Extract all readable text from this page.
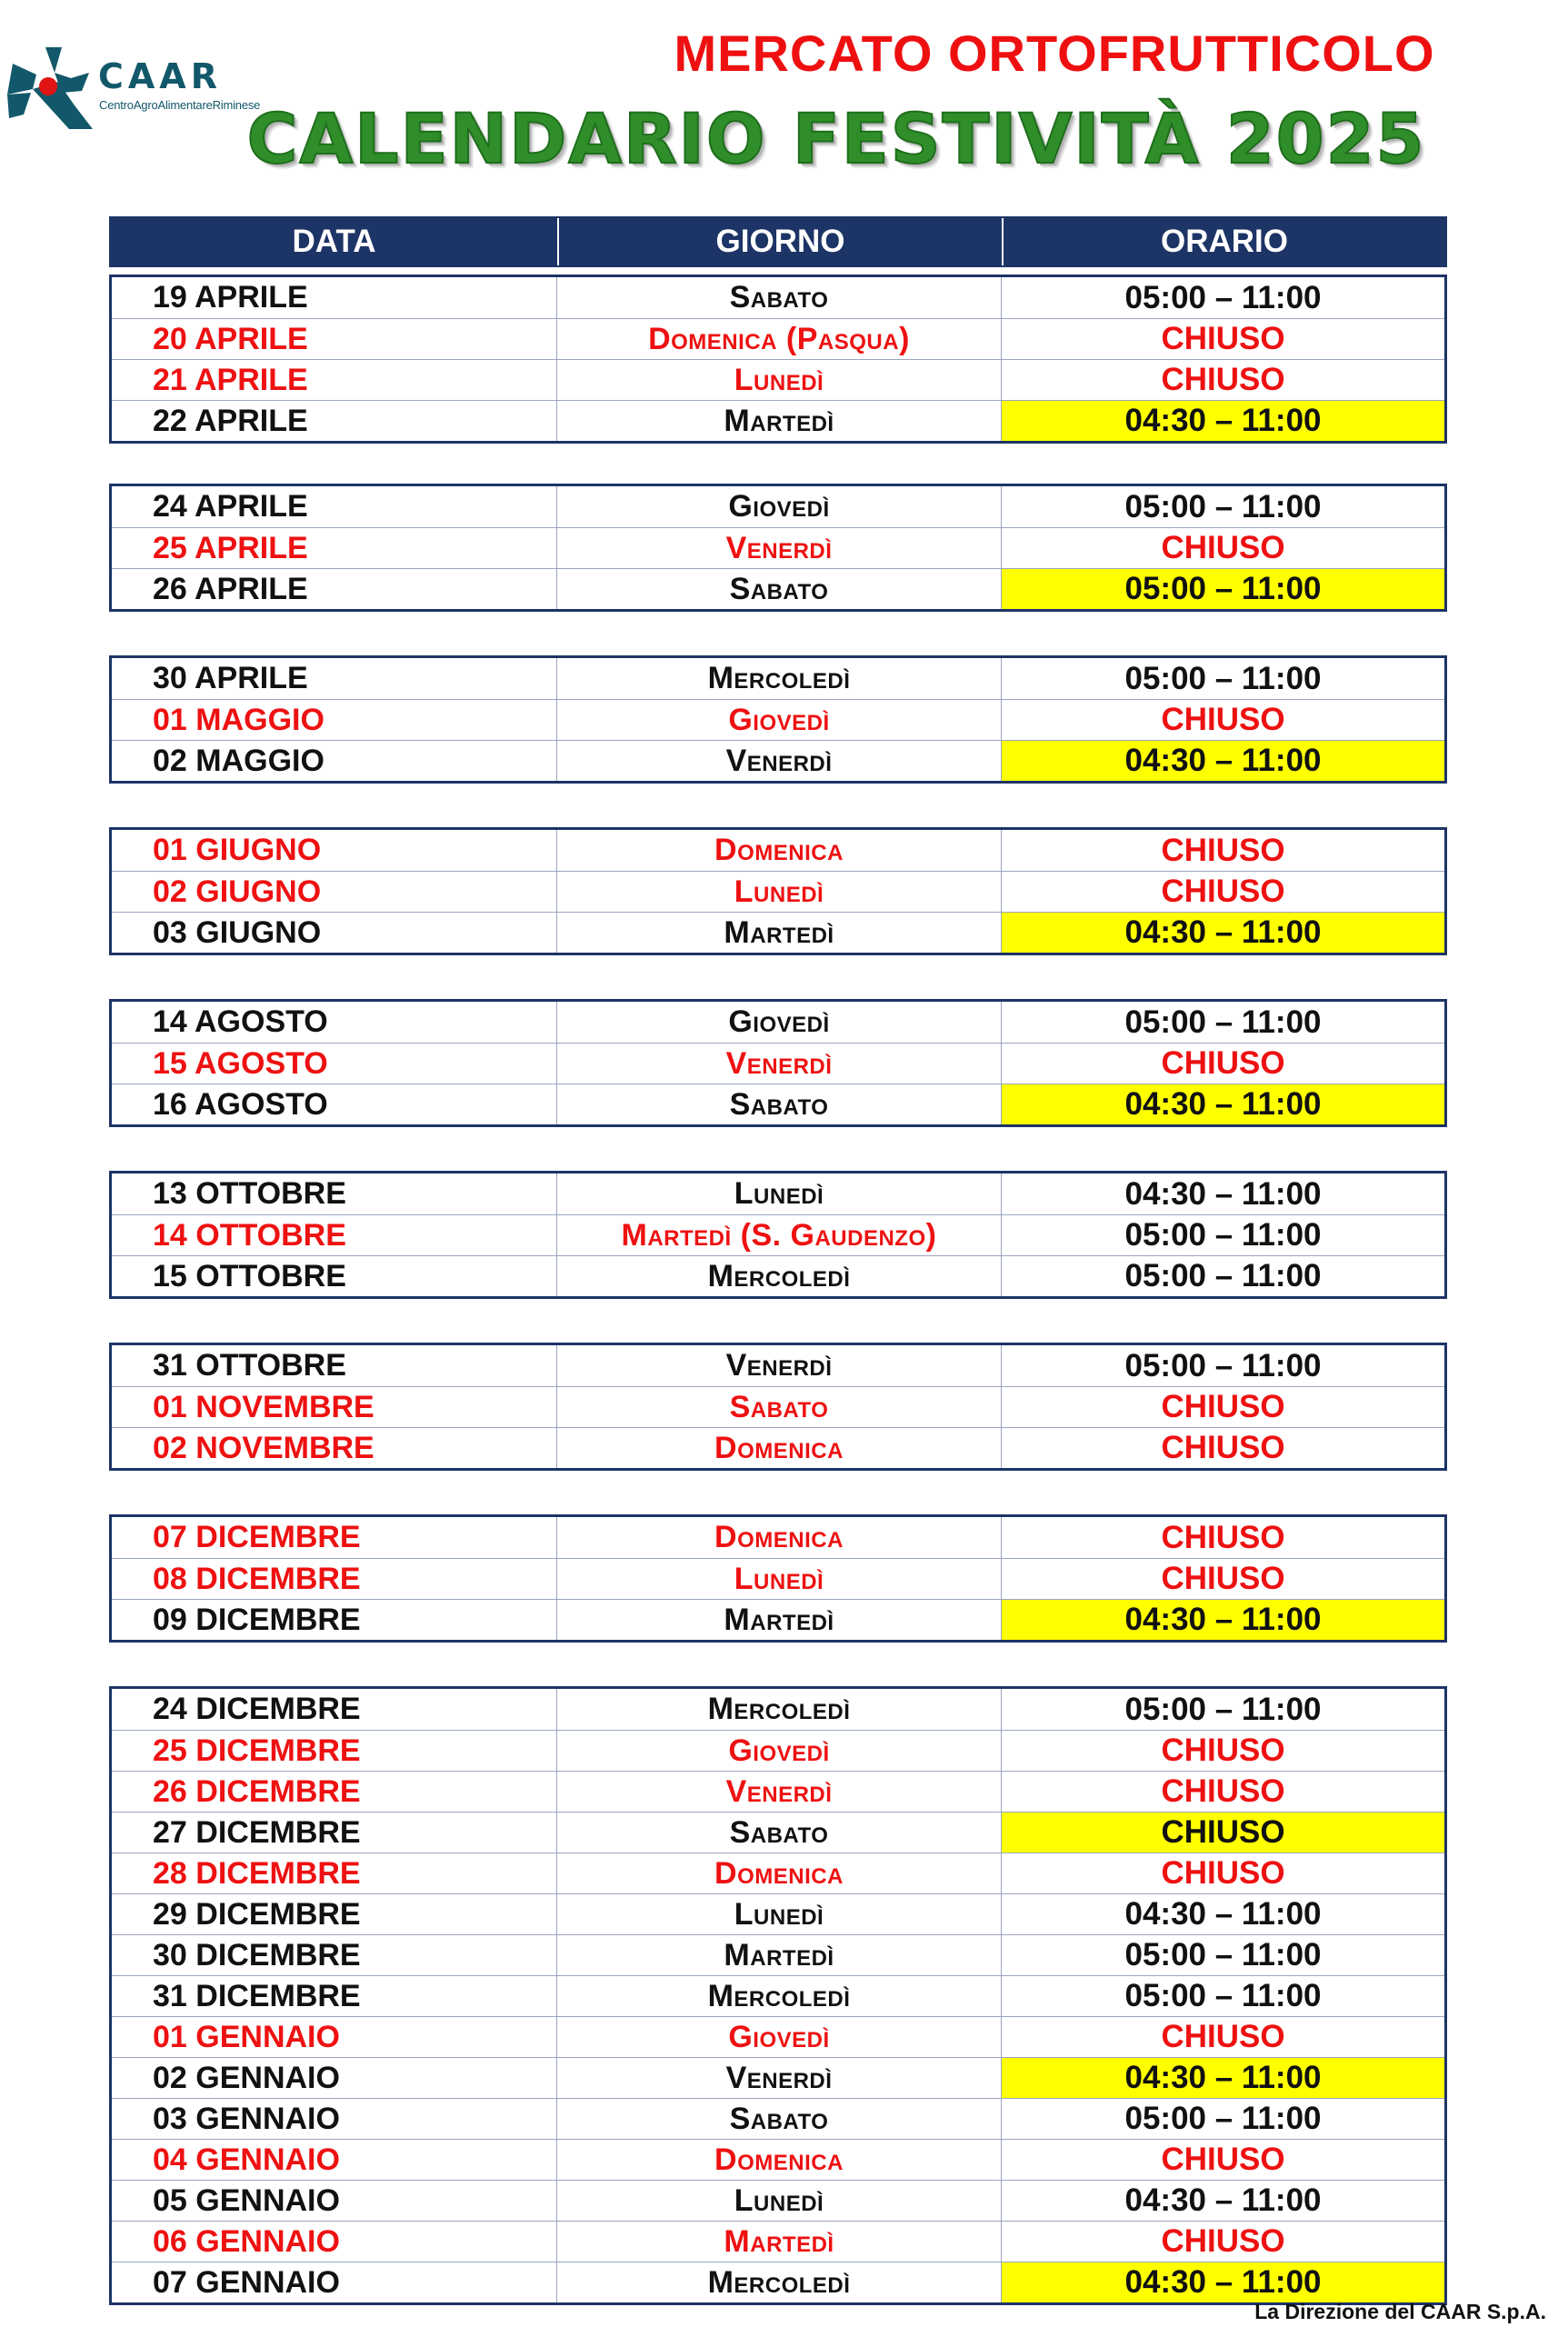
CAAR
CentroAgroAlimentareRiminese
MERCATO ORTOFRUTTICOLO
CALENDARIO FESTIVITÀ 2025
DATA	GIORNO	ORARIO
19 APRILE	Sabato	05:00 – 11:00
20 APRILE	Domenica (Pasqua)	CHIUSO
21 APRILE	Lunedì	CHIUSO
22 APRILE	Martedì	04:30 – 11:00
24 APRILE	Giovedì	05:00 – 11:00
25 APRILE	Venerdì	CHIUSO
26 APRILE	Sabato	05:00 – 11:00
30 APRILE	Mercoledì	05:00 – 11:00
01 MAGGIO	Giovedì	CHIUSO
02 MAGGIO	Venerdì	04:30 – 11:00
01 GIUGNO	Domenica	CHIUSO
02 GIUGNO	Lunedì	CHIUSO
03 GIUGNO	Martedì	04:30 – 11:00
14 AGOSTO	Giovedì	05:00 – 11:00
15 AGOSTO	Venerdì	CHIUSO
16 AGOSTO	Sabato	04:30 – 11:00
13 OTTOBRE	Lunedì	04:30 – 11:00
14 OTTOBRE	Martedì (S. Gaudenzo)	05:00 – 11:00
15 OTTOBRE	Mercoledì	05:00 – 11:00
31 OTTOBRE	Venerdì	05:00 – 11:00
01 NOVEMBRE	Sabato	CHIUSO
02 NOVEMBRE	Domenica	CHIUSO
07 DICEMBRE	Domenica	CHIUSO
08 DICEMBRE	Lunedì	CHIUSO
09 DICEMBRE	Martedì	04:30 – 11:00
24 DICEMBRE	Mercoledì	05:00 – 11:00
25 DICEMBRE	Giovedì	CHIUSO
26 DICEMBRE	Venerdì	CHIUSO
27 DICEMBRE	Sabato	CHIUSO
28 DICEMBRE	Domenica	CHIUSO
29 DICEMBRE	Lunedì	04:30 – 11:00
30 DICEMBRE	Martedì	05:00 – 11:00
31 DICEMBRE	Mercoledì	05:00 – 11:00
01 GENNAIO	Giovedì	CHIUSO
02 GENNAIO	Venerdì	04:30 – 11:00
03 GENNAIO	Sabato	05:00 – 11:00
04 GENNAIO	Domenica	CHIUSO
05 GENNAIO	Lunedì	04:30 – 11:00
06 GENNAIO	Martedì	CHIUSO
07 GENNAIO	Mercoledì	04:30 – 11:00
La Direzione del CAAR S.p.A.
